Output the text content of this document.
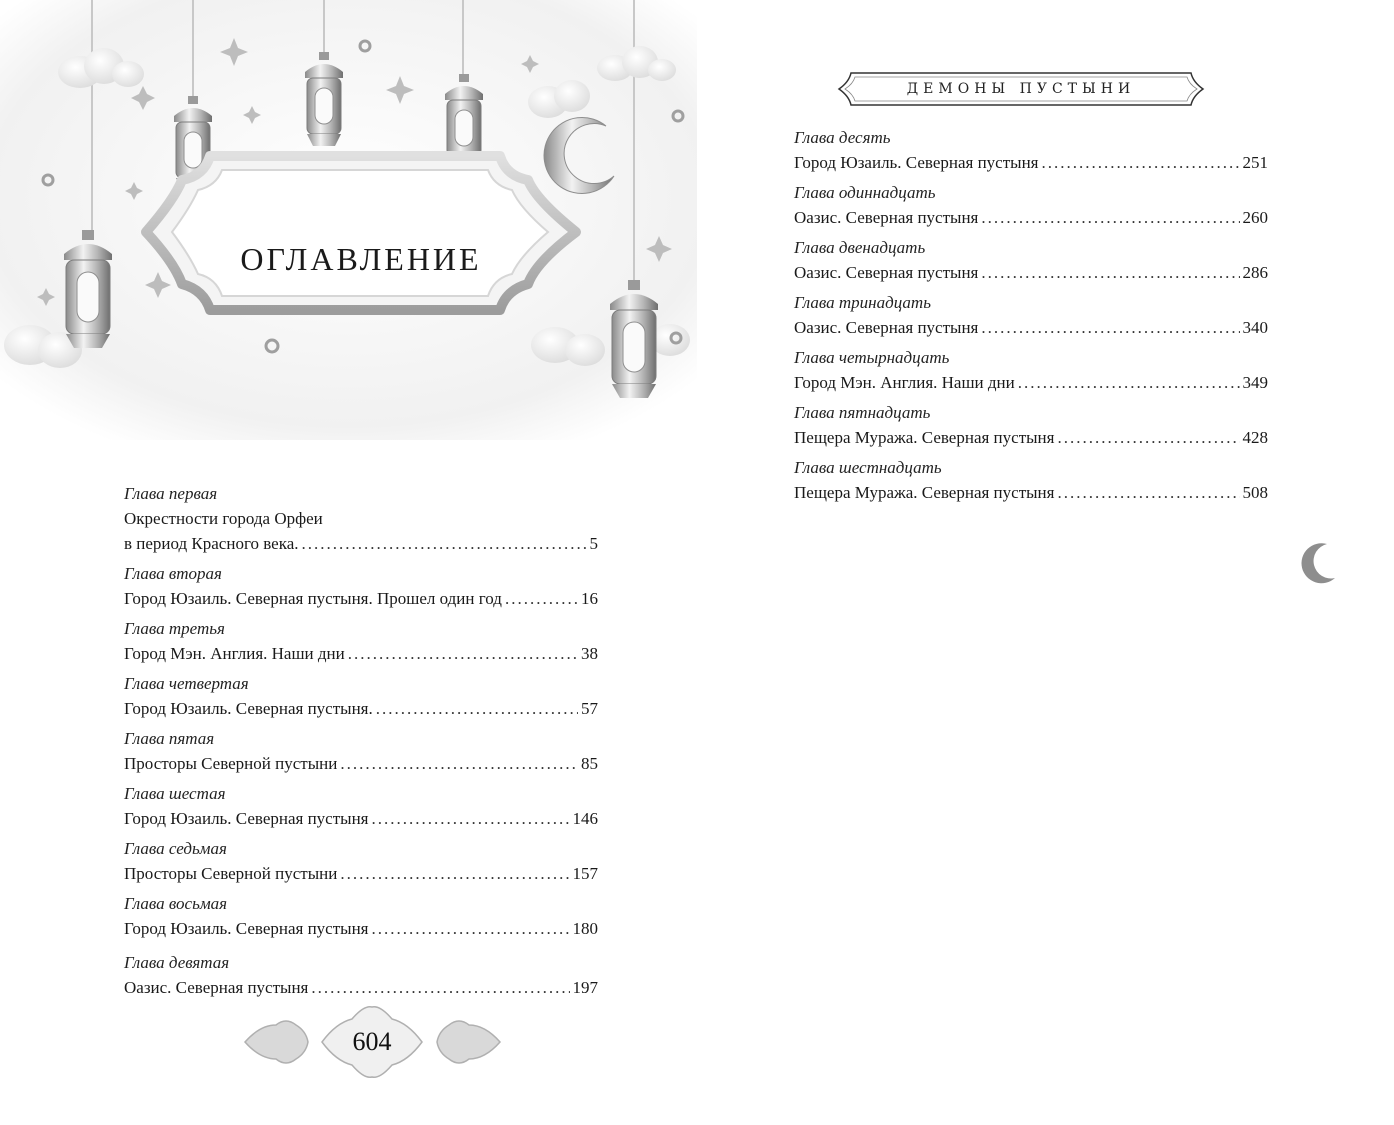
ОГЛАВЛЕНИЕ
Глава первая
Окрестности города Орфеи
в период Красного века. .....	5
Глава вторая
Город Юзаиль. Северная пустыня. Прошел один год .....	16
Глава третья
Город Мэн. Англия. Наши дни .....	38
Глава четвертая
Город Юзаиль. Северная пустыня. .....	57
Глава пятая
Просторы Северной пустыни .....	85
Глава шестая
Город Юзаиль. Северная пустыня .....	146
Глава седьмая
Просторы Северной пустыни .....	157
Глава восьмая
Город Юзаиль. Северная пустыня .....	180
Глава девятая
Оазис. Северная пустыня .....	197
604
ДЕМОНЫ ПУСТЫНИ
Глава десять
Город Юзаиль. Северная пустыня .....	251
Глава одиннадцать
Оазис. Северная пустыня .....	260
Глава двенадцать
Оазис. Северная пустыня .....	286
Глава тринадцать
Оазис. Северная пустыня .....	340
Глава четырнадцать
Город Мэн. Англия. Наши дни .....	349
Глава пятнадцать
Пещера Муража. Северная пустыня .....	428
Глава шестнадцать
Пещера Муража. Северная пустыня .....	508
